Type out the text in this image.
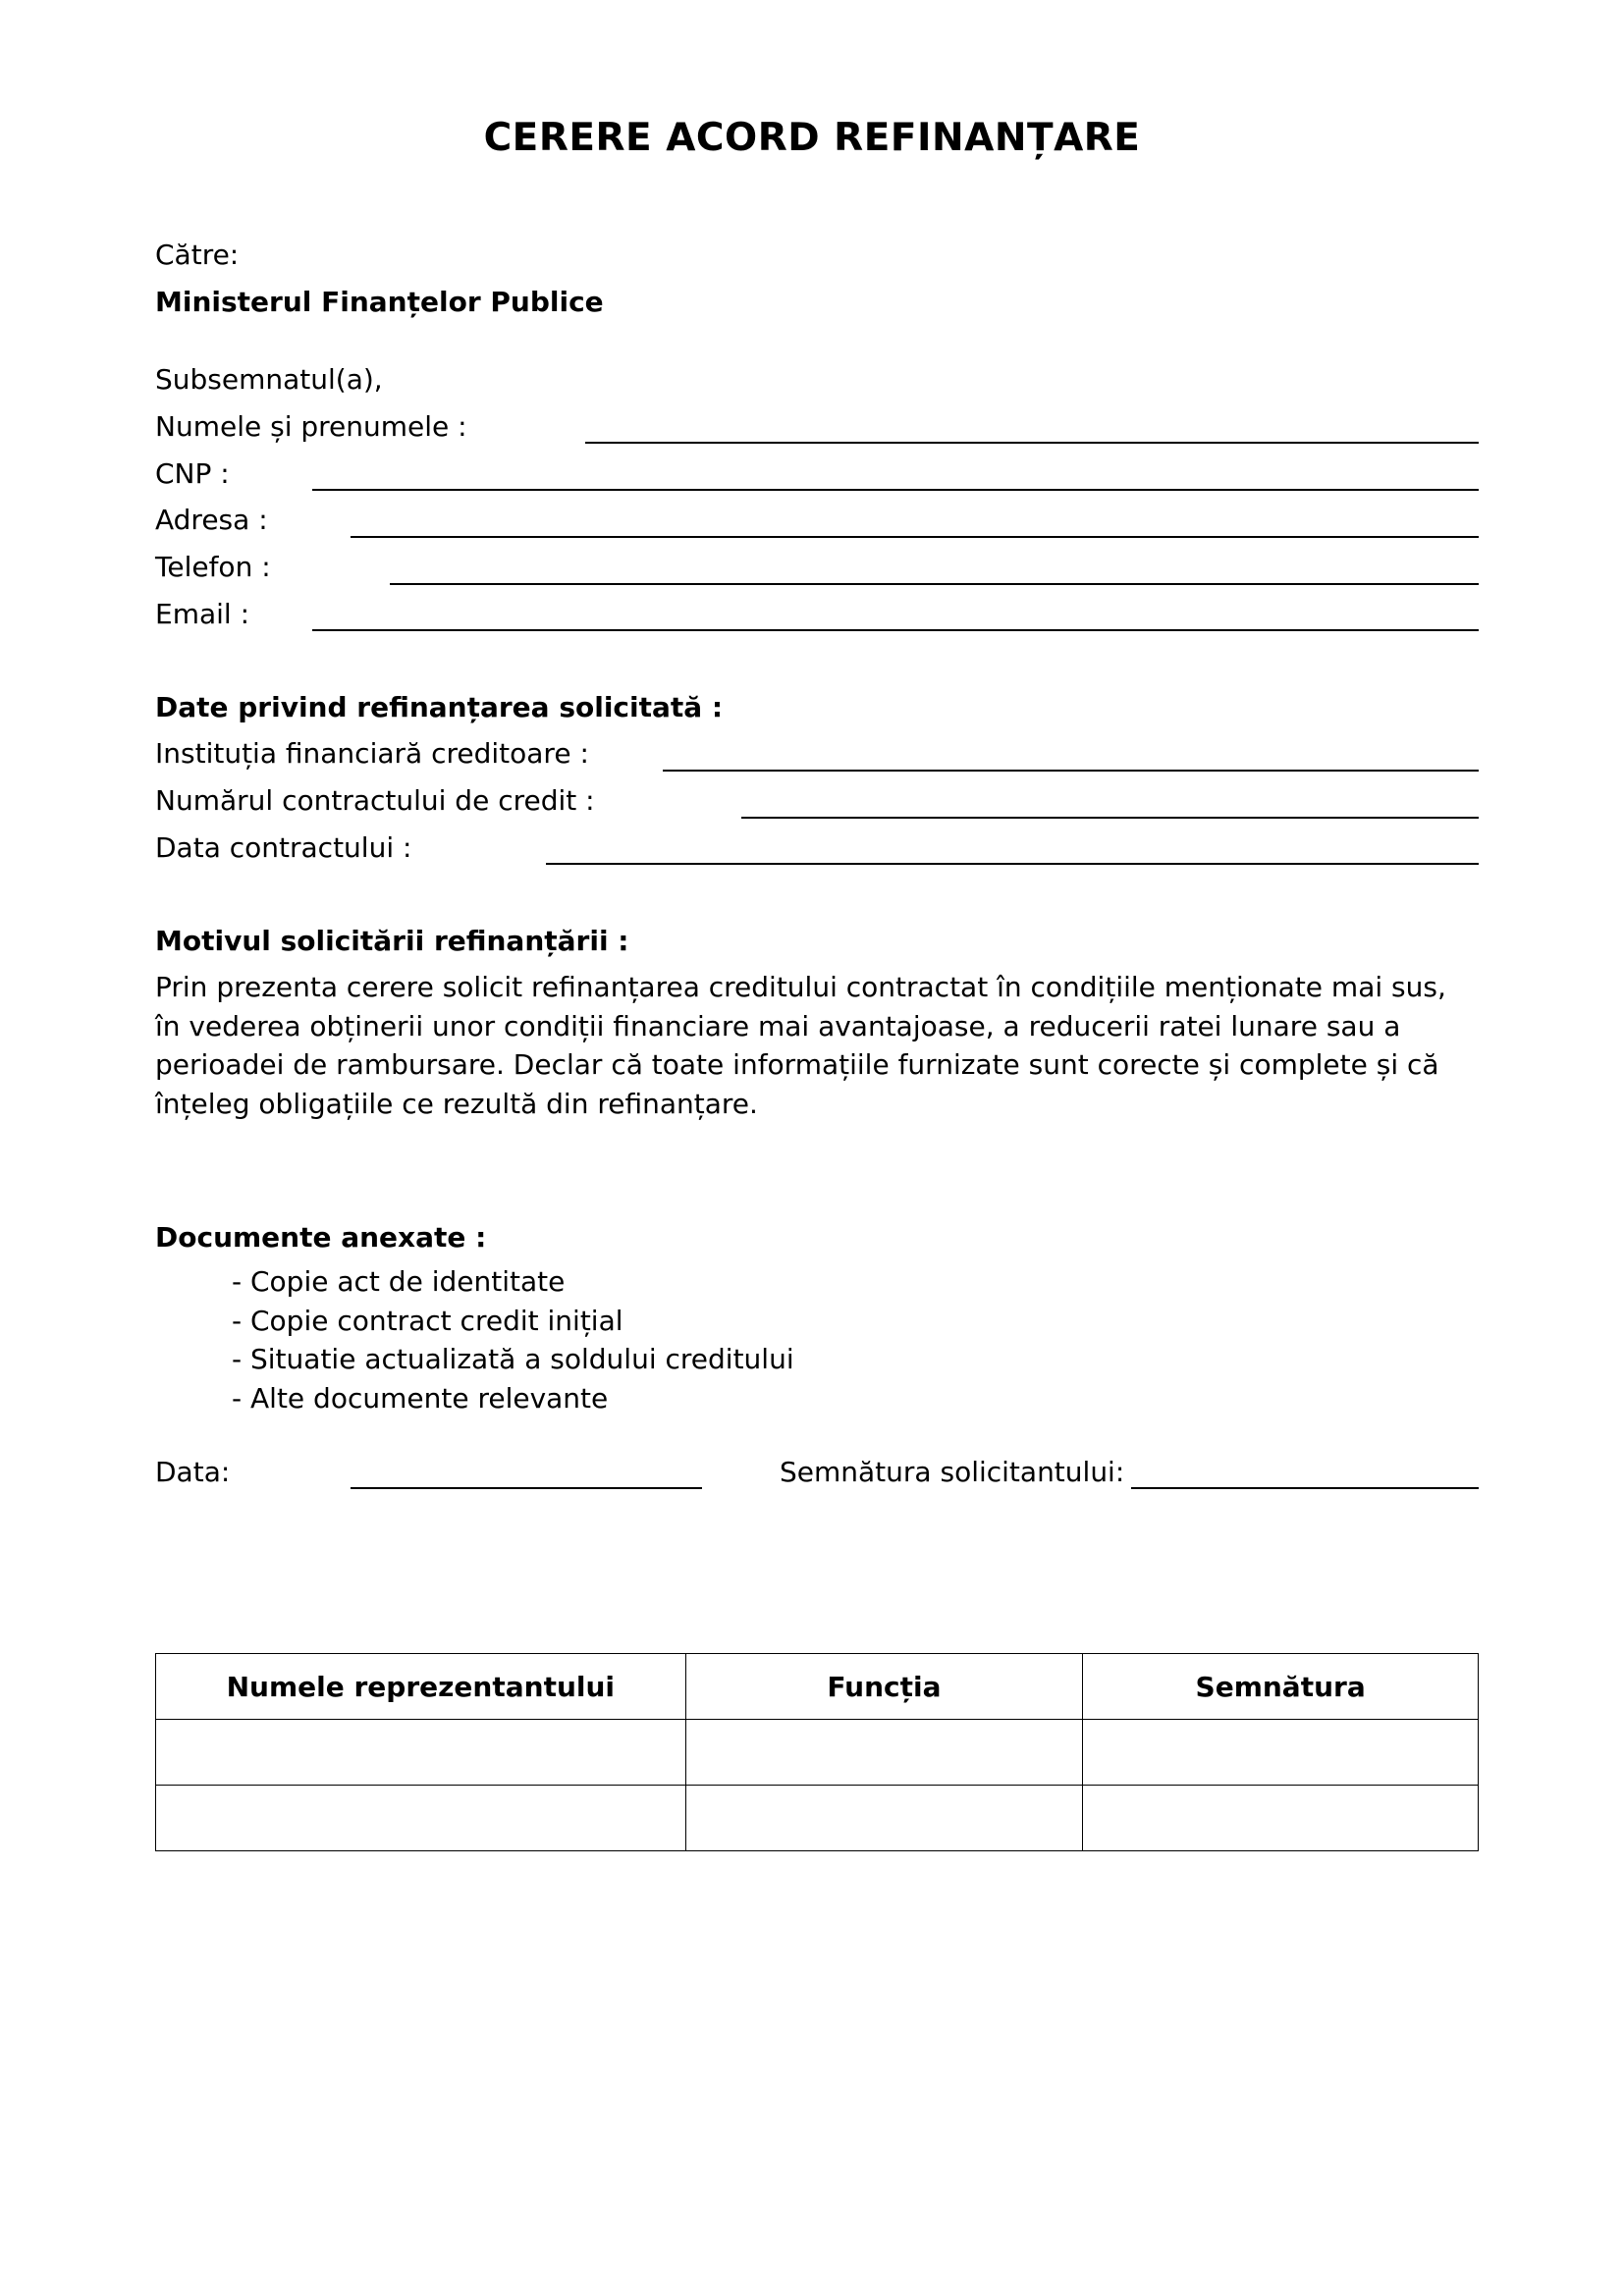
CERERE ACORD REFINANȚARE
Către:
Ministerul Finanțelor Publice
Subsemnatul(a),
Numele și prenumele :
CNP :
Adresa :
Telefon :
Email :
Date privind refinanțarea solicitată :
Instituția financiară creditoare :
Numărul contractului de credit :
Data contractului :
Motivul solicitării refinanțării :
Prin prezenta cerere solicit refinanțarea creditului contractat în condițiile menționate mai sus,
în vederea obținerii unor condiții financiare mai avantajoase, a reducerii ratei lunare sau a
perioadei de rambursare. Declar că toate informațiile furnizate sunt corecte și complete și că
înțeleg obligațiile ce rezultă din refinanțare.
Documente anexate :
- Copie act de identitate
- Copie contract credit inițial
- Situatie actualizată a soldului creditului
- Alte documente relevante
Data:	Semnătura solicitantului:
Numele reprezentantului	Funcția	Semnătura
